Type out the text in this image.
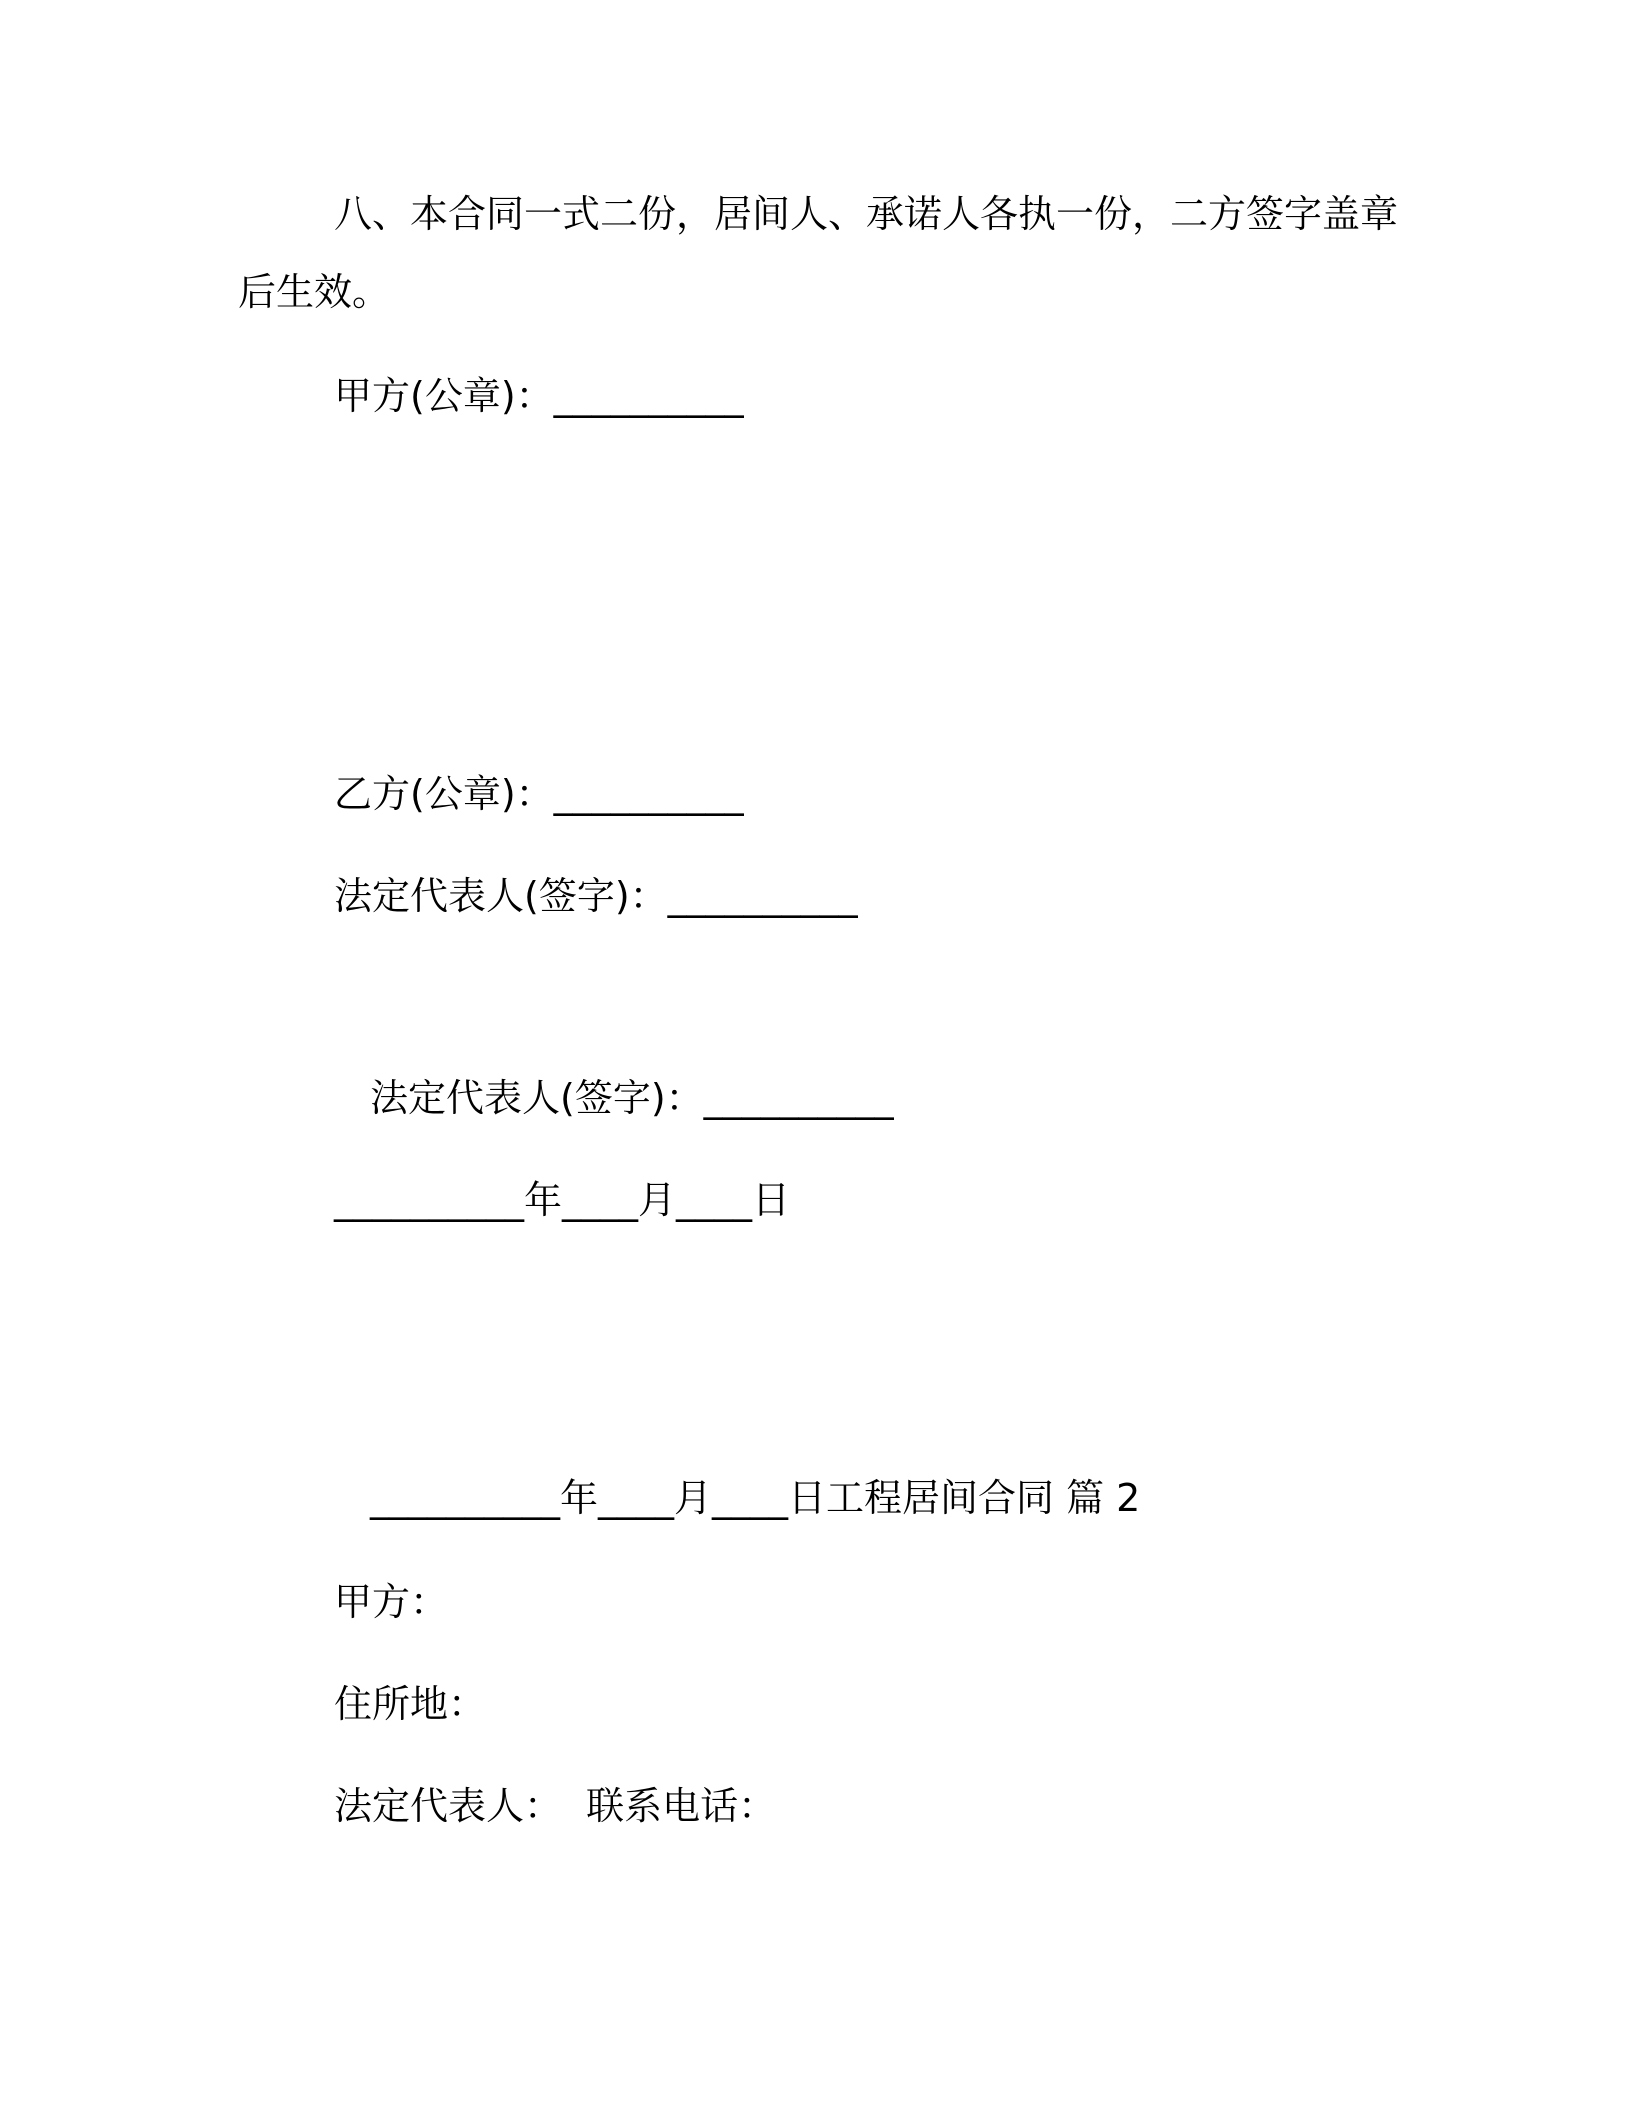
八、本合同一式二份，居间人、承诺人各执一份，二方签字盖章
后生效。
甲方(公章)：__________
乙方(公章)：__________
法定代表人(签字)：__________
法定代表人(签字)：__________
__________年____月____日
__________年____月____日工程居间合同 篇 2
甲方：
住所地：
法定代表人：  联系电话：
